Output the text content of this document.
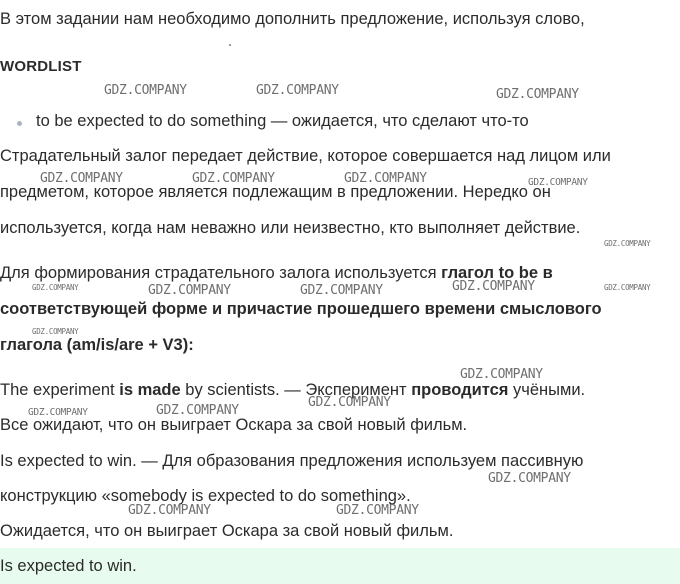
В этом задании нам необходимо дополнить предложение, используя слово,
WORDLIST
to be expected to do something — ожидается, что сделают что-то
Страдательный залог передает действие, которое совершается над лицом или
предметом, которое является подлежащим в предложении. Нередко он
используется, когда нам неважно или неизвестно, кто выполняет действие.
Для формирования страдательного залога используется глагол to be в
соответствующей форме и причастие прошедшего времени смыслового
глагола (am/is/are + V3):
The experiment is made by scientists. — Эксперимент проводится учёными.
Все ожидают, что он выиграет Оскара за свой новый фильм.
Is expected to win. — Для образования предложения используем пассивную
конструкцию «somebody is expected to do something».
Ожидается, что он выиграет Оскара за свой новый фильм.
Is expected to win.
GDZ.COMPANY	GDZ.COMPANY	GDZ.COMPANY
GDZ.COMPANY	GDZ.COMPANY	GDZ.COMPANY	GDZ.COMPANY
GDZ.COMPANY
GDZ.COMPANY	GDZ.COMPANY	GDZ.COMPANY	GDZ.COMPANY	GDZ.COMPANY
GDZ.COMPANY
GDZ.COMPANY
GDZ.COMPANY
GDZ.COMPANY	GDZ.COMPANY
GDZ.COMPANY
GDZ.COMPANY	GDZ.COMPANY
